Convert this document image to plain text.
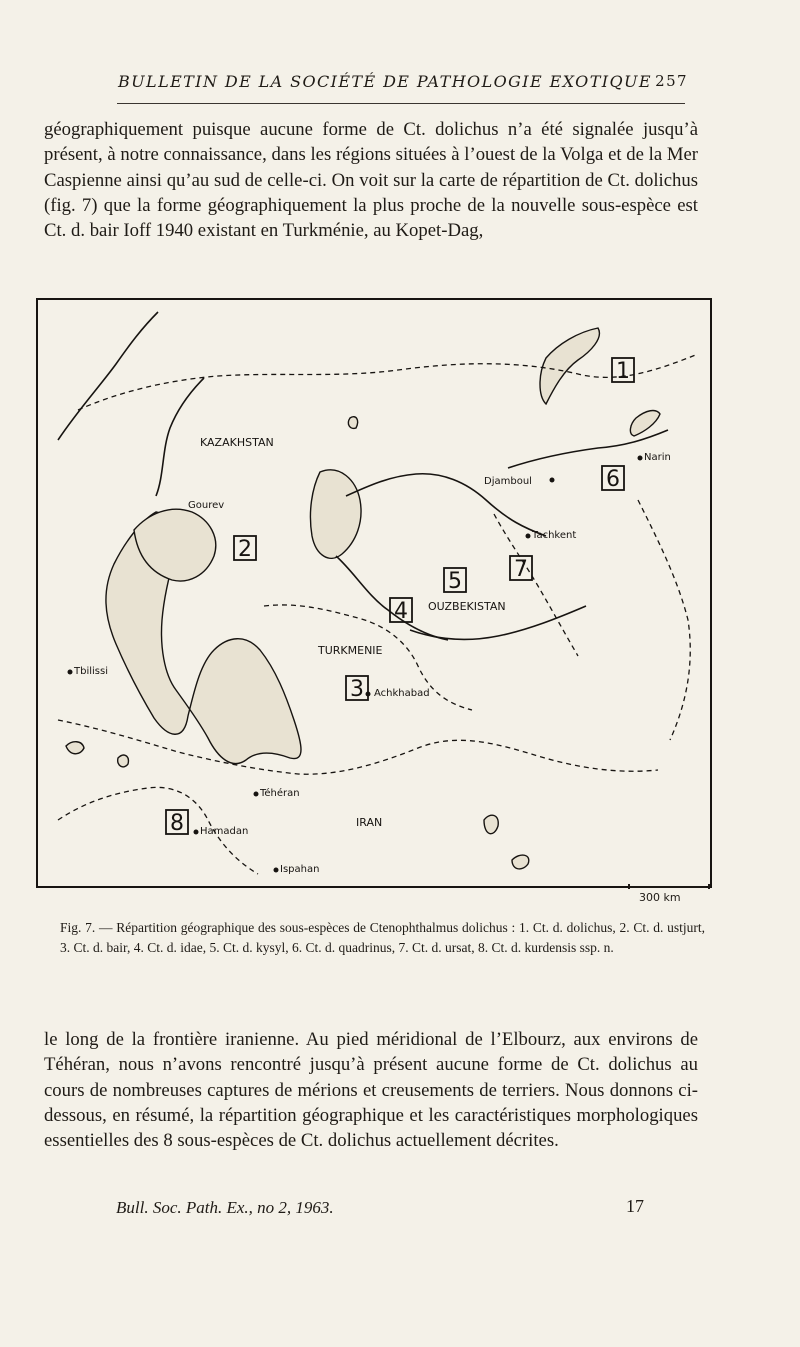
BULLETIN DE LA SOCIÉTÉ DE PATHOLOGIE EXOTIQUE 257

géographiquement puisque aucune forme de Ct. dolichus n’a été signalée jusqu’à présent, à notre connaissance, dans les régions situées à l’ouest de la Volga et de la Mer Caspienne ainsi qu’au sud de celle-ci. On voit sur la carte de répartition de Ct. dolichus (fig. 7) que la forme géographiquement la plus proche de la nouvelle sous-espèce est Ct. d. bair Ioff 1940 existant en Turkménie, au Kopet-Dag,

KAZAKHSTAN
OUZBEKISTAN
TURKMENIE
IRAN
Gourev
Djamboul
Narin
Tachkent
Tbilissi
Achkhabad
Téhéran
Hamadan
Ispahan
1
2
3
4
5
6
7
8
300 km
Fig. 7. — Répartition géographique des sous-espèces de Ctenophthalmus dolichus : 1. Ct. d. dolichus, 2. Ct. d. ustjurt, 3. Ct. d. bair, 4. Ct. d. idae, 5. Ct. d. kysyl, 6. Ct. d. quadrinus, 7. Ct. d. ursat, 8. Ct. d. kurdensis ssp. n.

le long de la frontière iranienne. Au pied méridional de l’Elbourz, aux environs de Téhéran, nous n’avons rencontré jusqu’à présent aucune forme de Ct. dolichus au cours de nombreuses captures de mérions et creusements de terriers. Nous donnons ci-dessous, en résumé, la répartition géographique et les caractéristiques morphologiques essentielles des 8 sous-espèces de Ct. dolichus actuellement décrites.

Bull. Soc. Path. Ex., no 2, 1963.	17
